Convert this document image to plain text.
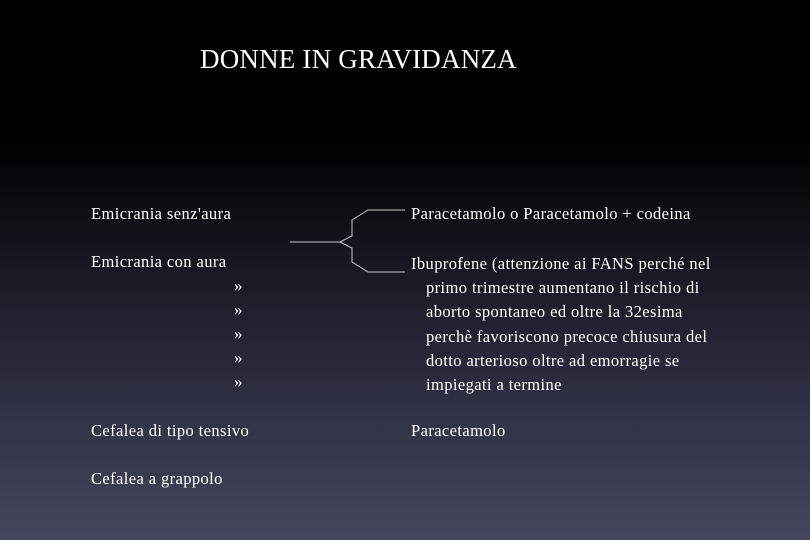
DONNE IN GRAVIDANZA
Emicrania senz'aura
Emicrania con aura
»
»
»
»
»
Cefalea di tipo tensivo
Cefalea a grappolo
Paracetamolo o Paracetamolo + codeina
Ibuprofene (attenzione ai FANS perché nel
primo trimestre aumentano il rischio di
aborto spontaneo ed oltre la 32esima
perchè favoriscono precoce chiusura del
dotto arterioso oltre ad emorragie se
impiegati a termine
Paracetamolo
